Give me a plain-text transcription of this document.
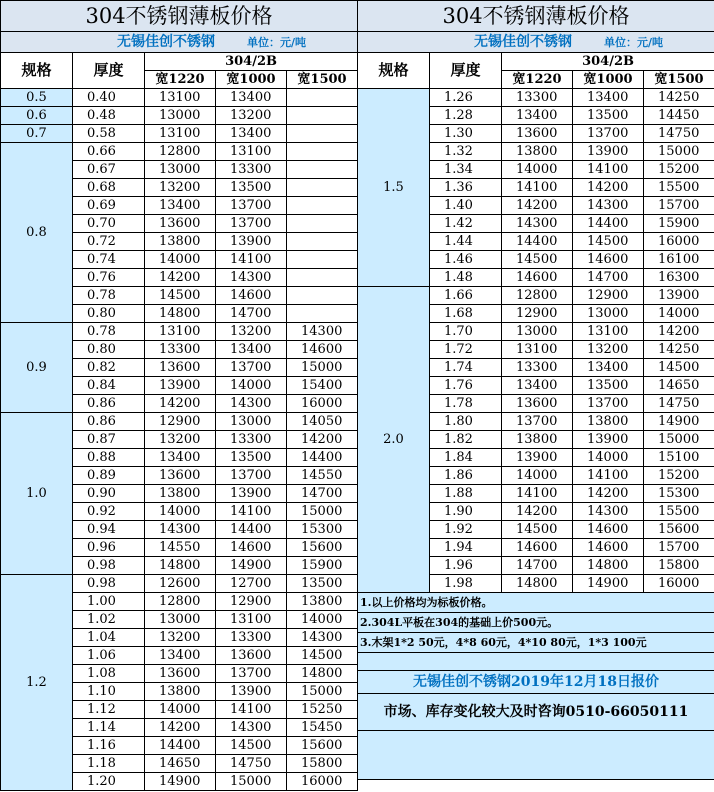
304不锈钢薄板价格				
无锡佳创不锈钢 单位：元/吨				
规格	厚度	304/2B		
		宽1220	宽1000	宽1500
0.5	0.40	13100	13400	
0.6	0.48	13000	13200	
0.7	0.58	13100	13400	
0.8	0.66	12800	13100	
	0.67	13000	13300	
	0.68	13200	13500	
	0.69	13400	13700	
	0.70	13600	13700	
	0.72	13800	13900	
	0.74	14000	14100	
	0.76	14200	14300	
	0.78	14500	14600	
	0.80	14800	14700	
0.9	0.78	13100	13200	14300
	0.80	13300	13400	14600
	0.82	13600	13700	15000
	0.84	13900	14000	15400
	0.86	14200	14300	16000
1.0	0.86	12900	13000	14050
	0.87	13200	13300	14200
	0.88	13400	13500	14400
	0.89	13600	13700	14550
	0.90	13800	13900	14700
	0.92	14000	14100	15000
	0.94	14300	14400	15300
	0.96	14550	14600	15600
	0.98	14800	14900	15900
1.2	0.98	12600	12700	13500
	1.00	12800	12900	13800
	1.02	13000	13100	14000
	1.04	13200	13300	14300
	1.06	13400	13600	14500
	1.08	13600	13700	14800
	1.10	13800	13900	15000
	1.12	14000	14100	15250
	1.14	14200	14300	15450
	1.16	14400	14500	15600
	1.18	14650	14750	15800
	1.20	14900	15000	16000
304不锈钢薄板价格				
无锡佳创不锈钢 单位：元/吨				
规格	厚度	304/2B		
		宽1220	宽1000	宽1500
1.5	1.26	13300	13400	14250
	1.28	13400	13500	14450
	1.30	13600	13700	14750
	1.32	13800	13900	15000
	1.34	14000	14100	15200
	1.36	14100	14200	15500
	1.40	14200	14300	15700
	1.42	14300	14400	15900
	1.44	14400	14500	16000
	1.46	14500	14600	16100
	1.48	14600	14700	16300
2.0	1.66	12800	12900	13900
	1.68	12900	13000	14000
	1.70	13000	13100	14200
	1.72	13100	13200	14250
	1.74	13300	13400	14500
	1.76	13400	13500	14650
	1.78	13600	13700	14750
	1.80	13700	13800	14900
	1.82	13800	13900	15000
	1.84	13900	14000	15100
	1.86	14000	14100	15200
	1.88	14100	14200	15300
	1.90	14200	14300	15500
	1.92	14500	14600	15600
	1.94	14600	14600	15700
	1.96	14700	14800	15800
	1.98	14800	14900	16000
1.以上价格均为标板价格。				
2.304L平板在304的基础上价500元。				
3.木架1*2 50元，4*8 60元，4*10 80元，1*3 100元				

无锡佳创不锈钢2019年12月18日报价				
市场、库存变化较大及时咨询0510-66050111				
